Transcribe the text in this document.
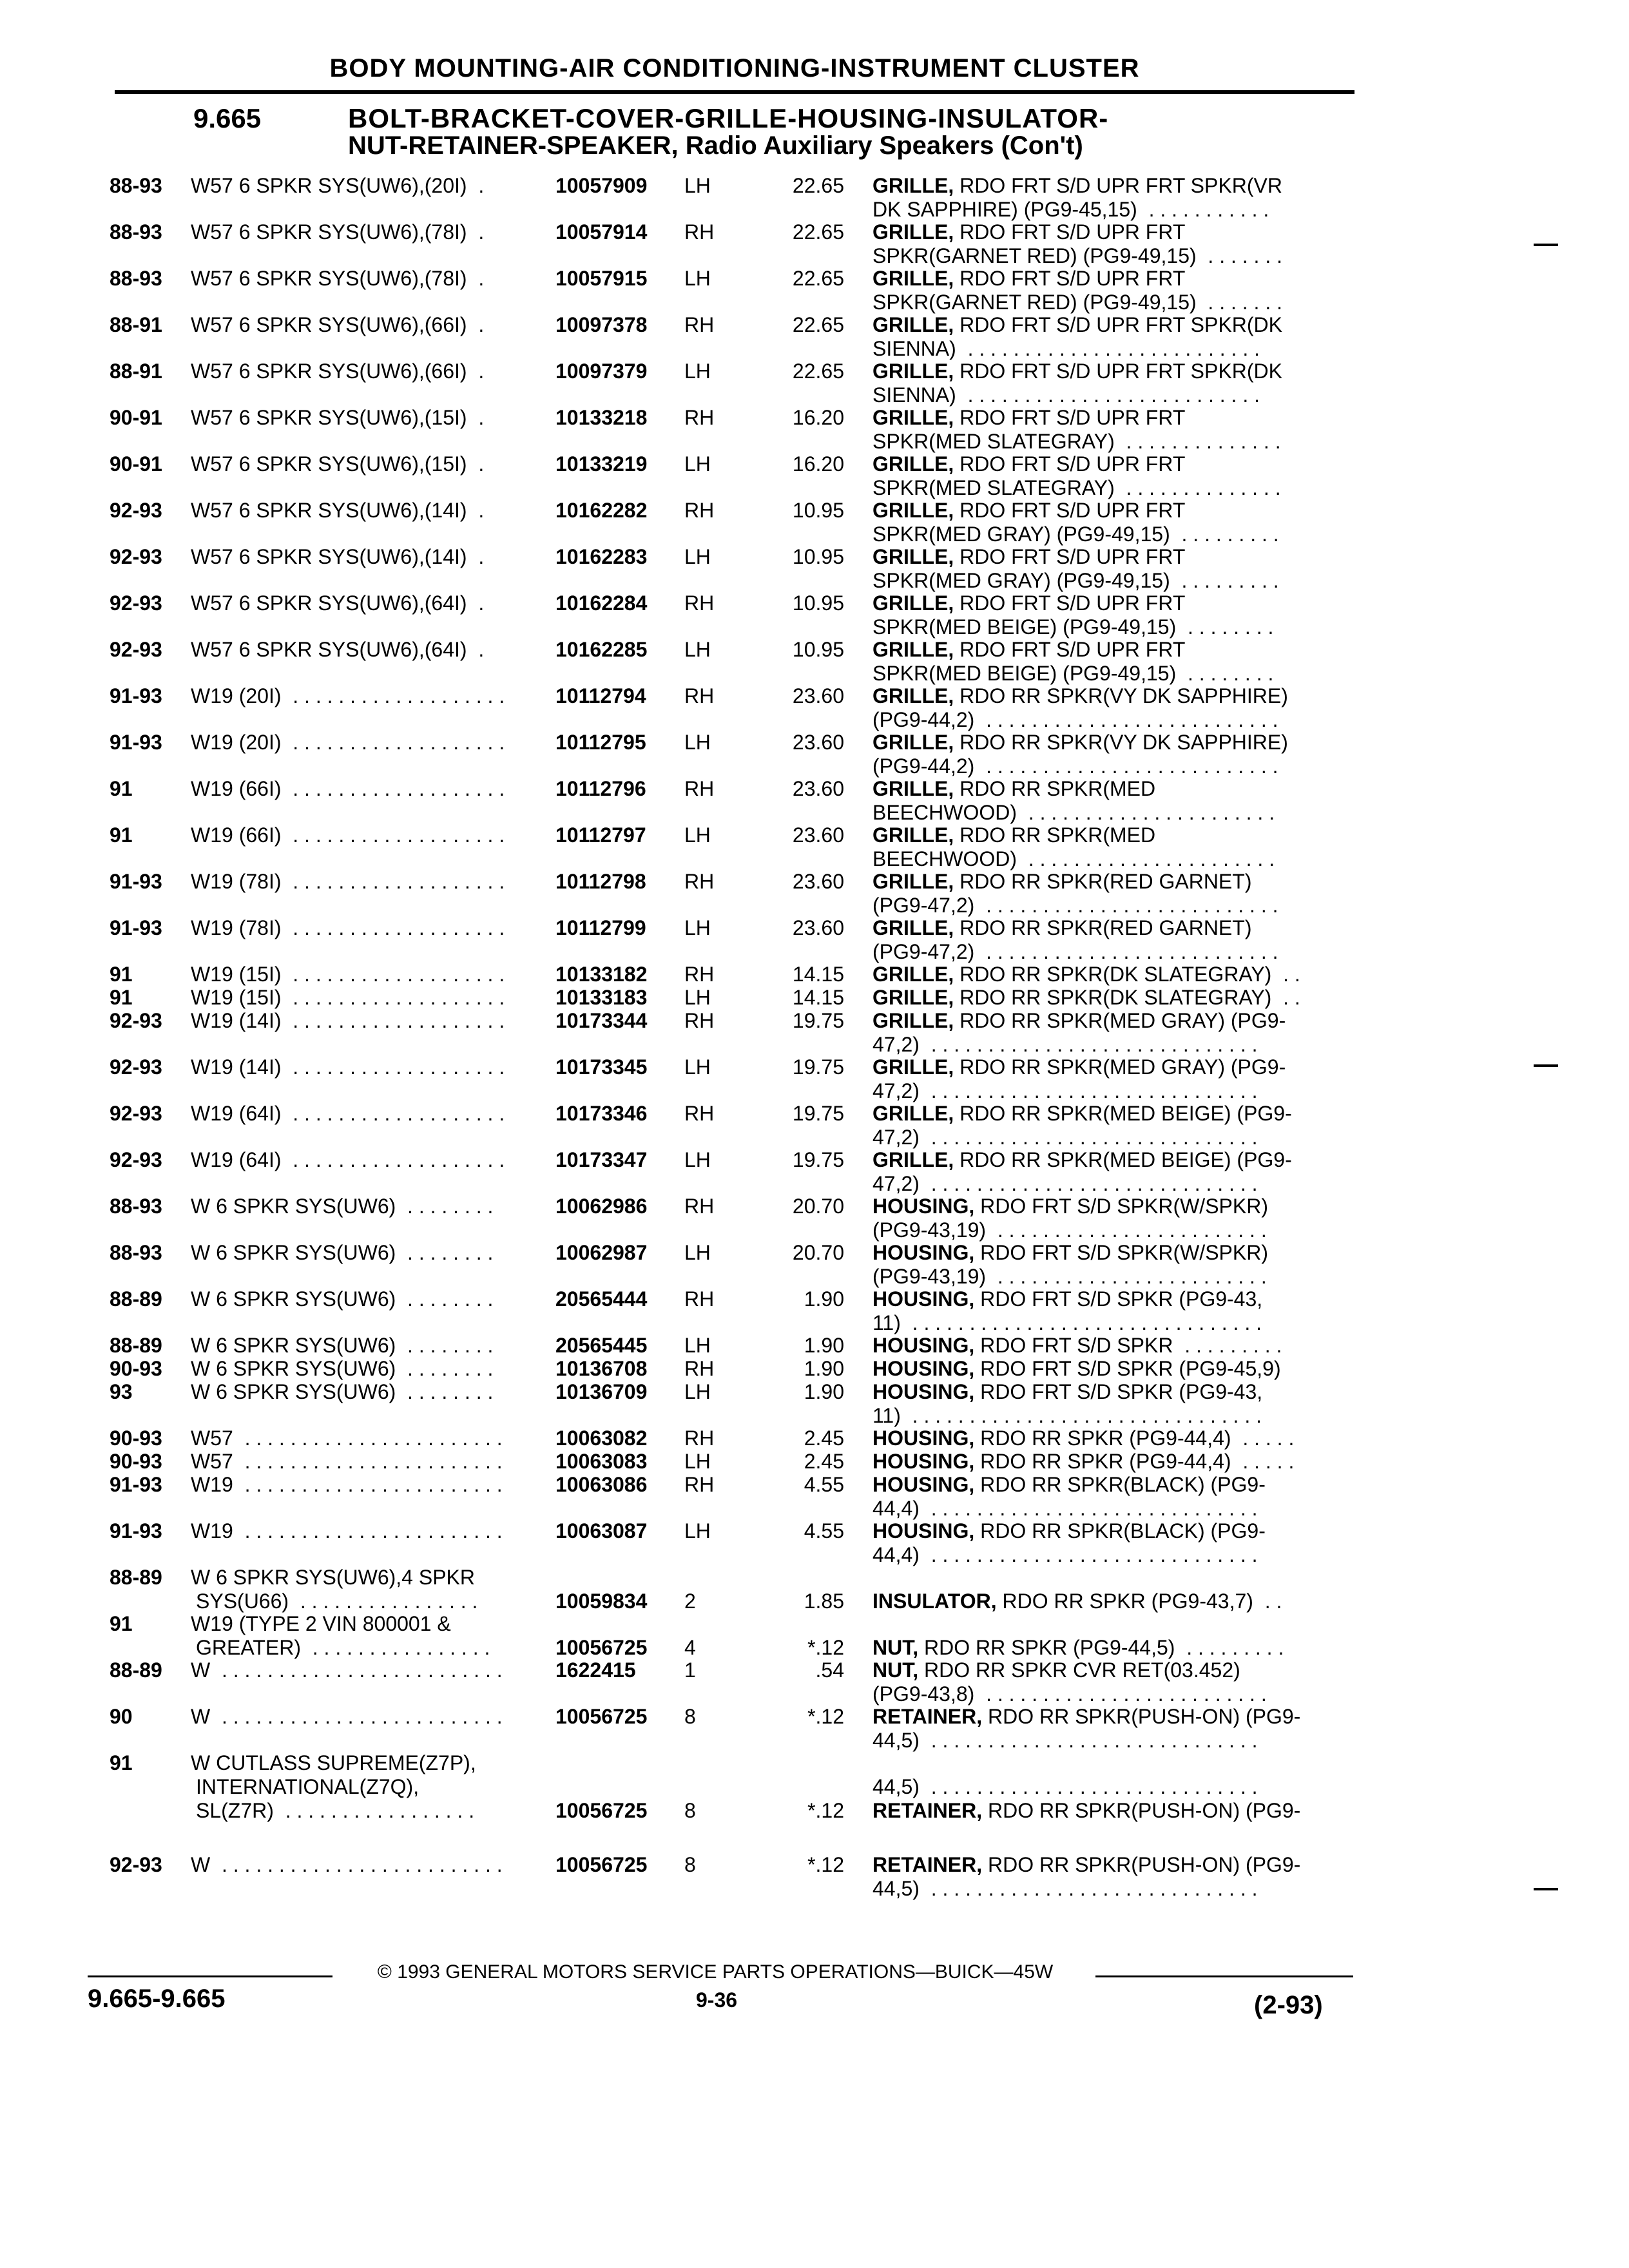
BODY MOUNTING-AIR CONDITIONING-INSTRUMENT CLUSTER
9.665	BOLT-BRACKET-COVER-GRILLE-HOUSING-INSULATOR-
NUT-RETAINER-SPEAKER, Radio Auxiliary Speakers (Con't)
88-93 W57 6 SPKR SYS(UW6),(20I)  .	10057909 LH	22.65 GRILLE, RDO FRT S/D UPR FRT SPKR(VR
DK SAPPHIRE) (PG9-45,15)  . . . . . . . . . . .
88-93 W57 6 SPKR SYS(UW6),(78I)  .	10057914 RH	22.65 GRILLE, RDO FRT S/D UPR FRT
SPKR(GARNET RED) (PG9-49,15)  . . . . . . .
88-93 W57 6 SPKR SYS(UW6),(78I)  .	10057915 LH	22.65 GRILLE, RDO FRT S/D UPR FRT
SPKR(GARNET RED) (PG9-49,15)  . . . . . . .
88-91 W57 6 SPKR SYS(UW6),(66I)  .	10097378 RH	22.65 GRILLE, RDO FRT S/D UPR FRT SPKR(DK
SIENNA)  . . . . . . . . . . . . . . . . . . . . . . . . . .
88-91 W57 6 SPKR SYS(UW6),(66I)  .	10097379 LH	22.65 GRILLE, RDO FRT S/D UPR FRT SPKR(DK
SIENNA)  . . . . . . . . . . . . . . . . . . . . . . . . . .
90-91 W57 6 SPKR SYS(UW6),(15I)  .	10133218 RH	16.20 GRILLE, RDO FRT S/D UPR FRT
SPKR(MED SLATEGRAY)  . . . . . . . . . . . . . .
90-91 W57 6 SPKR SYS(UW6),(15I)  .	10133219 LH	16.20 GRILLE, RDO FRT S/D UPR FRT
SPKR(MED SLATEGRAY)  . . . . . . . . . . . . . .
92-93 W57 6 SPKR SYS(UW6),(14I)  .	10162282 RH	10.95 GRILLE, RDO FRT S/D UPR FRT
SPKR(MED GRAY) (PG9-49,15)  . . . . . . . . .
92-93 W57 6 SPKR SYS(UW6),(14I)  .	10162283 LH	10.95 GRILLE, RDO FRT S/D UPR FRT
SPKR(MED GRAY) (PG9-49,15)  . . . . . . . . .
92-93 W57 6 SPKR SYS(UW6),(64I)  .	10162284 RH	10.95 GRILLE, RDO FRT S/D UPR FRT
SPKR(MED BEIGE) (PG9-49,15)  . . . . . . . .
92-93 W57 6 SPKR SYS(UW6),(64I)  .	10162285 LH	10.95 GRILLE, RDO FRT S/D UPR FRT
SPKR(MED BEIGE) (PG9-49,15)  . . . . . . . .
91-93 W19 (20I)  . . . . . . . . . . . . . . . . . . .	10112794 RH	23.60 GRILLE, RDO RR SPKR(VY DK SAPPHIRE)
(PG9-44,2)  . . . . . . . . . . . . . . . . . . . . . . . . . .
91-93 W19 (20I)  . . . . . . . . . . . . . . . . . . .	10112795 LH	23.60 GRILLE, RDO RR SPKR(VY DK SAPPHIRE)
(PG9-44,2)  . . . . . . . . . . . . . . . . . . . . . . . . . .
91	W19 (66I)  . . . . . . . . . . . . . . . . . . .	10112796 RH	23.60 GRILLE, RDO RR SPKR(MED
BEECHWOOD)  . . . . . . . . . . . . . . . . . . . . . .
91	W19 (66I)  . . . . . . . . . . . . . . . . . . .	10112797 LH	23.60 GRILLE, RDO RR SPKR(MED
BEECHWOOD)  . . . . . . . . . . . . . . . . . . . . . .
91-93 W19 (78I)  . . . . . . . . . . . . . . . . . . .	10112798 RH	23.60 GRILLE, RDO RR SPKR(RED GARNET)
(PG9-47,2)  . . . . . . . . . . . . . . . . . . . . . . . . . .
91-93 W19 (78I)  . . . . . . . . . . . . . . . . . . .	10112799 LH	23.60 GRILLE, RDO RR SPKR(RED GARNET)
(PG9-47,2)  . . . . . . . . . . . . . . . . . . . . . . . . . .
91	W19 (15I)  . . . . . . . . . . . . . . . . . . .	10133182 RH	14.15 GRILLE, RDO RR SPKR(DK SLATEGRAY)  . .
91	W19 (15I)  . . . . . . . . . . . . . . . . . . .	10133183 LH	14.15 GRILLE, RDO RR SPKR(DK SLATEGRAY)  . .
92-93 W19 (14I)  . . . . . . . . . . . . . . . . . . .	10173344 RH	19.75 GRILLE, RDO RR SPKR(MED GRAY) (PG9-
47,2)  . . . . . . . . . . . . . . . . . . . . . . . . . . . . .
92-93 W19 (14I)  . . . . . . . . . . . . . . . . . . .	10173345 LH	19.75 GRILLE, RDO RR SPKR(MED GRAY) (PG9-
47,2)  . . . . . . . . . . . . . . . . . . . . . . . . . . . . .
92-93 W19 (64I)  . . . . . . . . . . . . . . . . . . .	10173346 RH	19.75 GRILLE, RDO RR SPKR(MED BEIGE) (PG9-
47,2)  . . . . . . . . . . . . . . . . . . . . . . . . . . . . .
92-93 W19 (64I)  . . . . . . . . . . . . . . . . . . .	10173347 LH	19.75 GRILLE, RDO RR SPKR(MED BEIGE) (PG9-
47,2)  . . . . . . . . . . . . . . . . . . . . . . . . . . . . .
88-93 W 6 SPKR SYS(UW6)  . . . . . . . .	10062986 RH	20.70 HOUSING, RDO FRT S/D SPKR(W/SPKR)
(PG9-43,19)  . . . . . . . . . . . . . . . . . . . . . . . .
88-93 W 6 SPKR SYS(UW6)  . . . . . . . .	10062987 LH	20.70 HOUSING, RDO FRT S/D SPKR(W/SPKR)
(PG9-43,19)  . . . . . . . . . . . . . . . . . . . . . . . .
88-89 W 6 SPKR SYS(UW6)  . . . . . . . .	20565444 RH	1.90 HOUSING, RDO FRT S/D SPKR (PG9-43,
11)  . . . . . . . . . . . . . . . . . . . . . . . . . . . . . . .
88-89 W 6 SPKR SYS(UW6)  . . . . . . . .	20565445 LH	1.90 HOUSING, RDO FRT S/D SPKR  . . . . . . . . .
90-93 W 6 SPKR SYS(UW6)  . . . . . . . .	10136708 RH	1.90 HOUSING, RDO FRT S/D SPKR (PG9-45,9)
93	W 6 SPKR SYS(UW6)  . . . . . . . .	10136709 LH	1.90 HOUSING, RDO FRT S/D SPKR (PG9-43,
11)  . . . . . . . . . . . . . . . . . . . . . . . . . . . . . . .
90-93 W57  . . . . . . . . . . . . . . . . . . . . . . .	10063082 RH	2.45 HOUSING, RDO RR SPKR (PG9-44,4)  . . . . .
90-93 W57  . . . . . . . . . . . . . . . . . . . . . . .	10063083 LH	2.45 HOUSING, RDO RR SPKR (PG9-44,4)  . . . . .
91-93 W19  . . . . . . . . . . . . . . . . . . . . . . .	10063086 RH	4.55 HOUSING, RDO RR SPKR(BLACK) (PG9-
44,4)  . . . . . . . . . . . . . . . . . . . . . . . . . . . . .
91-93 W19  . . . . . . . . . . . . . . . . . . . . . . .	10063087 LH	4.55 HOUSING, RDO RR SPKR(BLACK) (PG9-
44,4)  . . . . . . . . . . . . . . . . . . . . . . . . . . . . .
88-89 W 6 SPKR SYS(UW6),4 SPKR
SYS(U66)  . . . . . . . . . . . . . . . .	10059834 2	1.85 INSULATOR, RDO RR SPKR (PG9-43,7)  . .
91	W19 (TYPE 2 VIN 800001 &
GREATER)  . . . . . . . . . . . . . . . .	10056725 4	*.12 NUT, RDO RR SPKR (PG9-44,5)  . . . . . . . . .
88-89 W  . . . . . . . . . . . . . . . . . . . . . . . . .	1622415 1	.54 NUT, RDO RR SPKR CVR RET(03.452)
(PG9-43,8)  . . . . . . . . . . . . . . . . . . . . . . . . .
90	W  . . . . . . . . . . . . . . . . . . . . . . . . .	10056725 8	*.12 RETAINER, RDO RR SPKR(PUSH-ON) (PG9-
44,5)  . . . . . . . . . . . . . . . . . . . . . . . . . . . . .
91	W CUTLASS SUPREME(Z7P),
INTERNATIONAL(Z7Q),
SL(Z7R)  . . . . . . . . . . . . . . . . .	10056725 8	*.12 RETAINER, RDO RR SPKR(PUSH-ON) (PG9-
44,5)  . . . . . . . . . . . . . . . . . . . . . . . . . . . . .
92-93 W  . . . . . . . . . . . . . . . . . . . . . . . . .	10056725 8	*.12 RETAINER, RDO RR SPKR(PUSH-ON) (PG9-
44,5)  . . . . . . . . . . . . . . . . . . . . . . . . . . . . .
© 1993 GENERAL MOTORS SERVICE PARTS OPERATIONS—BUICK—45W
9.665-9.665	9-36	(2-93)
